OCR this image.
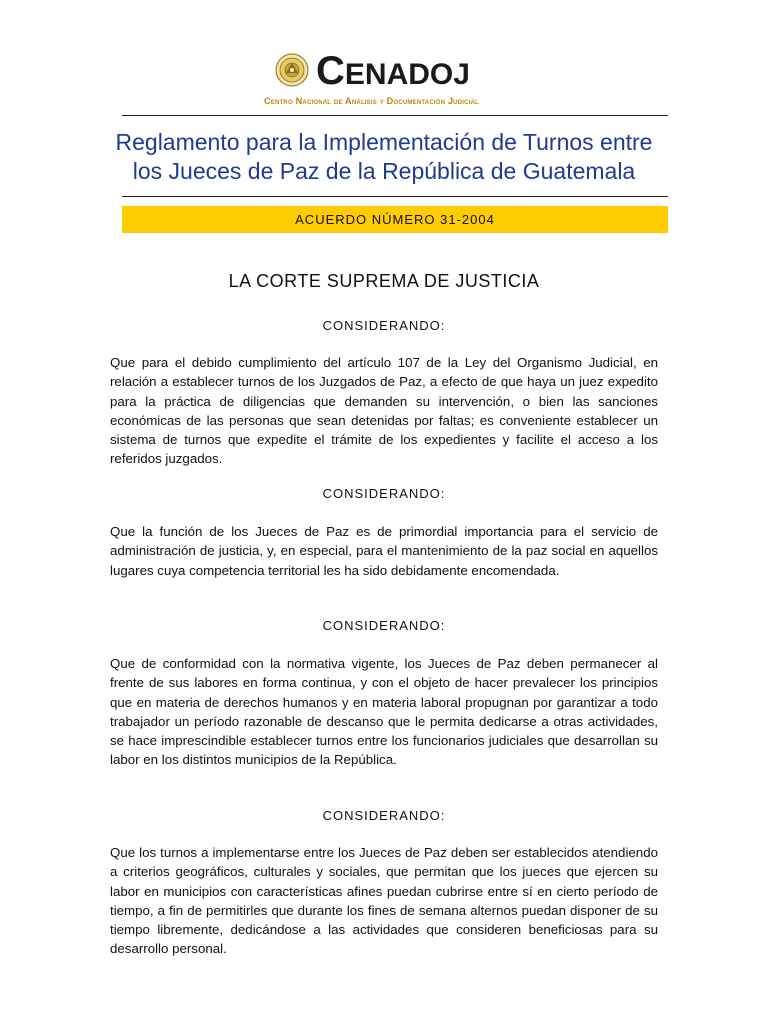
CENADOJ
Centro Nacional de Análisis y Documentación Judicial
Reglamento para la Implementación de Turnos entre
los Jueces de Paz de la República de Guatemala
ACUERDO NÚMERO 31-2004
LA CORTE SUPREMA DE JUSTICIA
CONSIDERANDO:
Que para el debido cumplimiento del artículo 107 de la Ley del Organismo Judicial, en relación a establecer turnos de los Juzgados de Paz, a efecto de que haya un juez expedito para la práctica de diligencias que demanden su intervención, o bien las sanciones económicas de las personas que sean detenidas por faltas; es conveniente establecer un sistema de turnos que expedite el trámite de los expedientes y facilite el acceso a los referidos juzgados.
CONSIDERANDO:
Que la función de los Jueces de Paz es de primordial importancia para el servicio de administración de justicia, y, en especial, para el mantenimiento de la paz social en aquellos lugares cuya competencia territorial les ha sido debidamente encomendada.
CONSIDERANDO:
Que de conformidad con la normativa vigente, los Jueces de Paz deben permanecer al frente de sus labores en forma continua, y con el objeto de hacer prevalecer los principios que en materia de derechos humanos y en materia laboral propugnan por garantizar a todo trabajador un período razonable de descanso que le permita dedicarse a otras actividades, se hace imprescindible establecer turnos entre los funcionarios judiciales que desarrollan su labor en los distintos municipios de la República.
CONSIDERANDO:
Que los turnos a implementarse entre los Jueces de Paz deben ser establecidos atendiendo a criterios geográficos, culturales y sociales, que permitan que los jueces que ejercen su labor en municipios con características afines puedan cubrirse entre sí en cierto período de tiempo, a fin de permitirles que durante los fines de semana alternos puedan disponer de su tiempo libremente, dedicándose a las actividades que consideren beneficiosas para su desarrollo personal.
